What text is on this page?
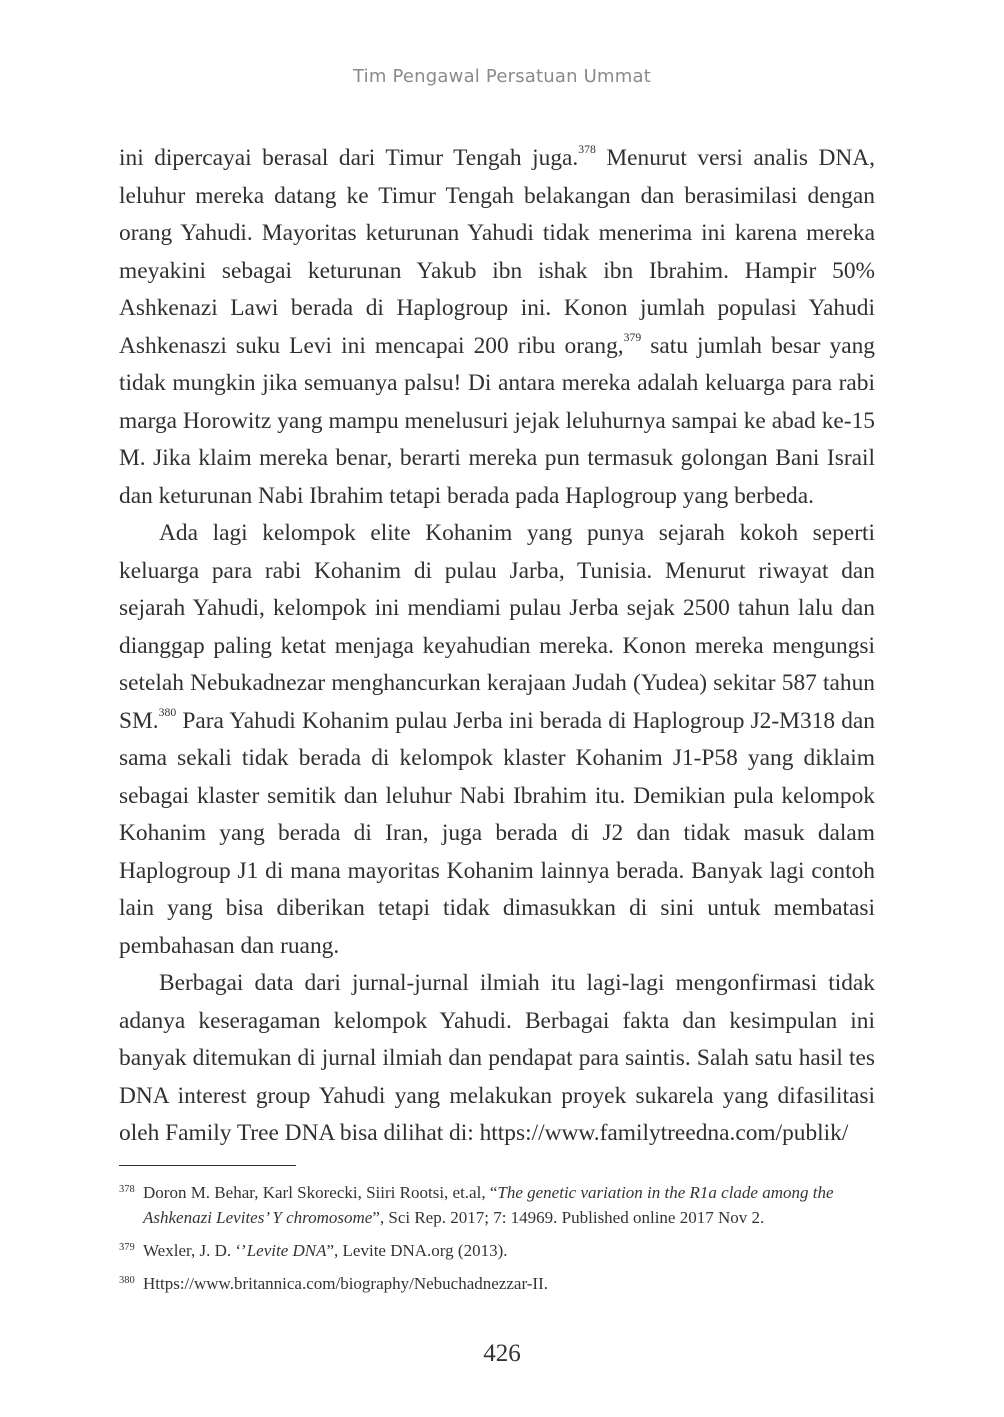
Tim Pengawal Persatuan Ummat

ini dipercayai berasal dari Timur Tengah juga.$^{378}$ Menurut versi analis DNA, leluhur mereka datang ke Timur Tengah belakangan dan berasimilasi dengan orang Yahudi. Mayoritas keturunan Yahudi tidak menerima ini karena mereka meyakini sebagai keturunan Yakub ibn ishak ibn Ibrahim. Hampir 50% Ashkenazi Lawi berada di Haplogroup ini. Konon jumlah populasi Yahudi Ashkenaszi suku Levi ini mencapai 200 ribu orang,$^{379}$ satu jumlah besar yang tidak mungkin jika semuanya palsu! Di antara mereka adalah keluarga para rabi marga Horowitz yang mampu menelusuri jejak leluhurnya sampai ke abad ke-15 M. Jika klaim mereka benar, berarti mereka pun termasuk golongan Bani Israil dan keturunan Nabi Ibrahim tetapi berada pada Haplogroup yang berbeda.

Ada lagi kelompok elite Kohanim yang punya sejarah kokoh seperti keluarga para rabi Kohanim di pulau Jarba, Tunisia. Menurut riwayat dan sejarah Yahudi, kelompok ini mendiami pulau Jerba sejak 2500 tahun lalu dan dianggap paling ketat menjaga keyahudian mereka. Konon mereka mengungsi setelah Nebukadnezar menghancurkan kerajaan Judah (Yudea) sekitar 587 tahun SM.$^{380}$ Para Yahudi Kohanim pulau Jerba ini berada di Haplogroup J2-M318 dan sama sekali tidak berada di kelompok klaster Kohanim J1-P58 yang diklaim sebagai klaster semitik dan leluhur Nabi Ibrahim itu. Demikian pula kelompok Kohanim yang berada di Iran, juga berada di J2 dan tidak masuk dalam Haplogroup J1 di mana mayoritas Kohanim lainnya berada. Banyak lagi contoh lain yang bisa diberikan tetapi tidak dimasukkan di sini untuk membatasi pembahasan dan ruang.

Berbagai data dari jurnal-jurnal ilmiah itu lagi-lagi mengonfirmasi tidak adanya keseragaman kelompok Yahudi. Berbagai fakta dan kesimpulan ini banyak ditemukan di jurnal ilmiah dan pendapat para saintis. Salah satu hasil tes DNA interest group Yahudi yang melakukan proyek sukarela yang difasilitasi oleh Family Tree DNA bisa dilihat di: https://www.familytreedna.com/publik/

378 Doron M. Behar, Karl Skorecki, Siiri Rootsi, et.al, “The genetic variation in the R1a clade among the Ashkenazi Levites’ Y chromosome”, Sci Rep. 2017; 7: 14969. Published online 2017 Nov 2.
379 Wexler, J. D. ‘’Levite DNA”, Levite DNA.org (2013).
380 Https://www.britannica.com/biography/Nebuchadnezzar-II.
426
